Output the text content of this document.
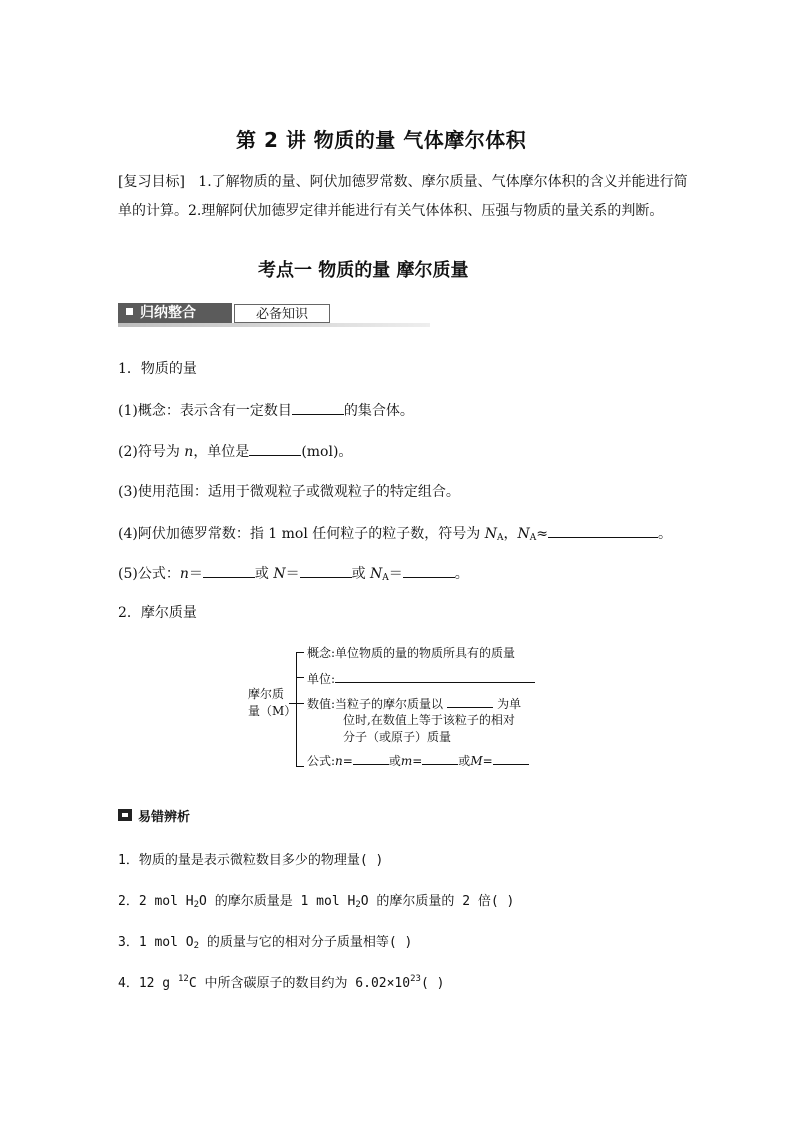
第 2 讲 物质的量 气体摩尔体积
[复习目标] 1.了解物质的量、阿伏加德罗常数、摩尔质量、气体摩尔体积的含义并能进行简
单的计算。2.理解阿伏加德罗定律并能进行有关气体体积、压强与物质的量关系的判断。
考点一 物质的量 摩尔质量
归纳整合	必备知识
1．物质的量
(1)概念：表示含有一定数目	的集合体。
(2)符号为 n，单位是	(mol)。
(3)使用范围：适用于微观粒子或微观粒子的特定组合。
(4)阿伏加德罗常数：指 1 mol 任何粒子的粒子数，符号为 $N_A$，$N_A\approx$	。
(5)公式：n＝	或 N＝	或 $N_A=$	。
2．摩尔质量
摩尔质
量（M）
概念:单位物质的量的物质所具有的质量
单位:
数值:当粒子的摩尔质量以	为单
位时,在数值上等于该粒子的相对
分子（或原子）质量
公式:n=	或m=	或M=
易错辨析
1．物质的量是表示微粒数目多少的物理量( )
2．2 mol $H_2O$ 的摩尔质量是 1 mol $H_2O$ 的摩尔质量的 2 倍( )
3．1 mol $O_2$ 的质量与它的相对分子质量相等( )
4．12 g $^{12}$C 中所含碳原子的数目约为 $6.02\times 10^{23}$( )
